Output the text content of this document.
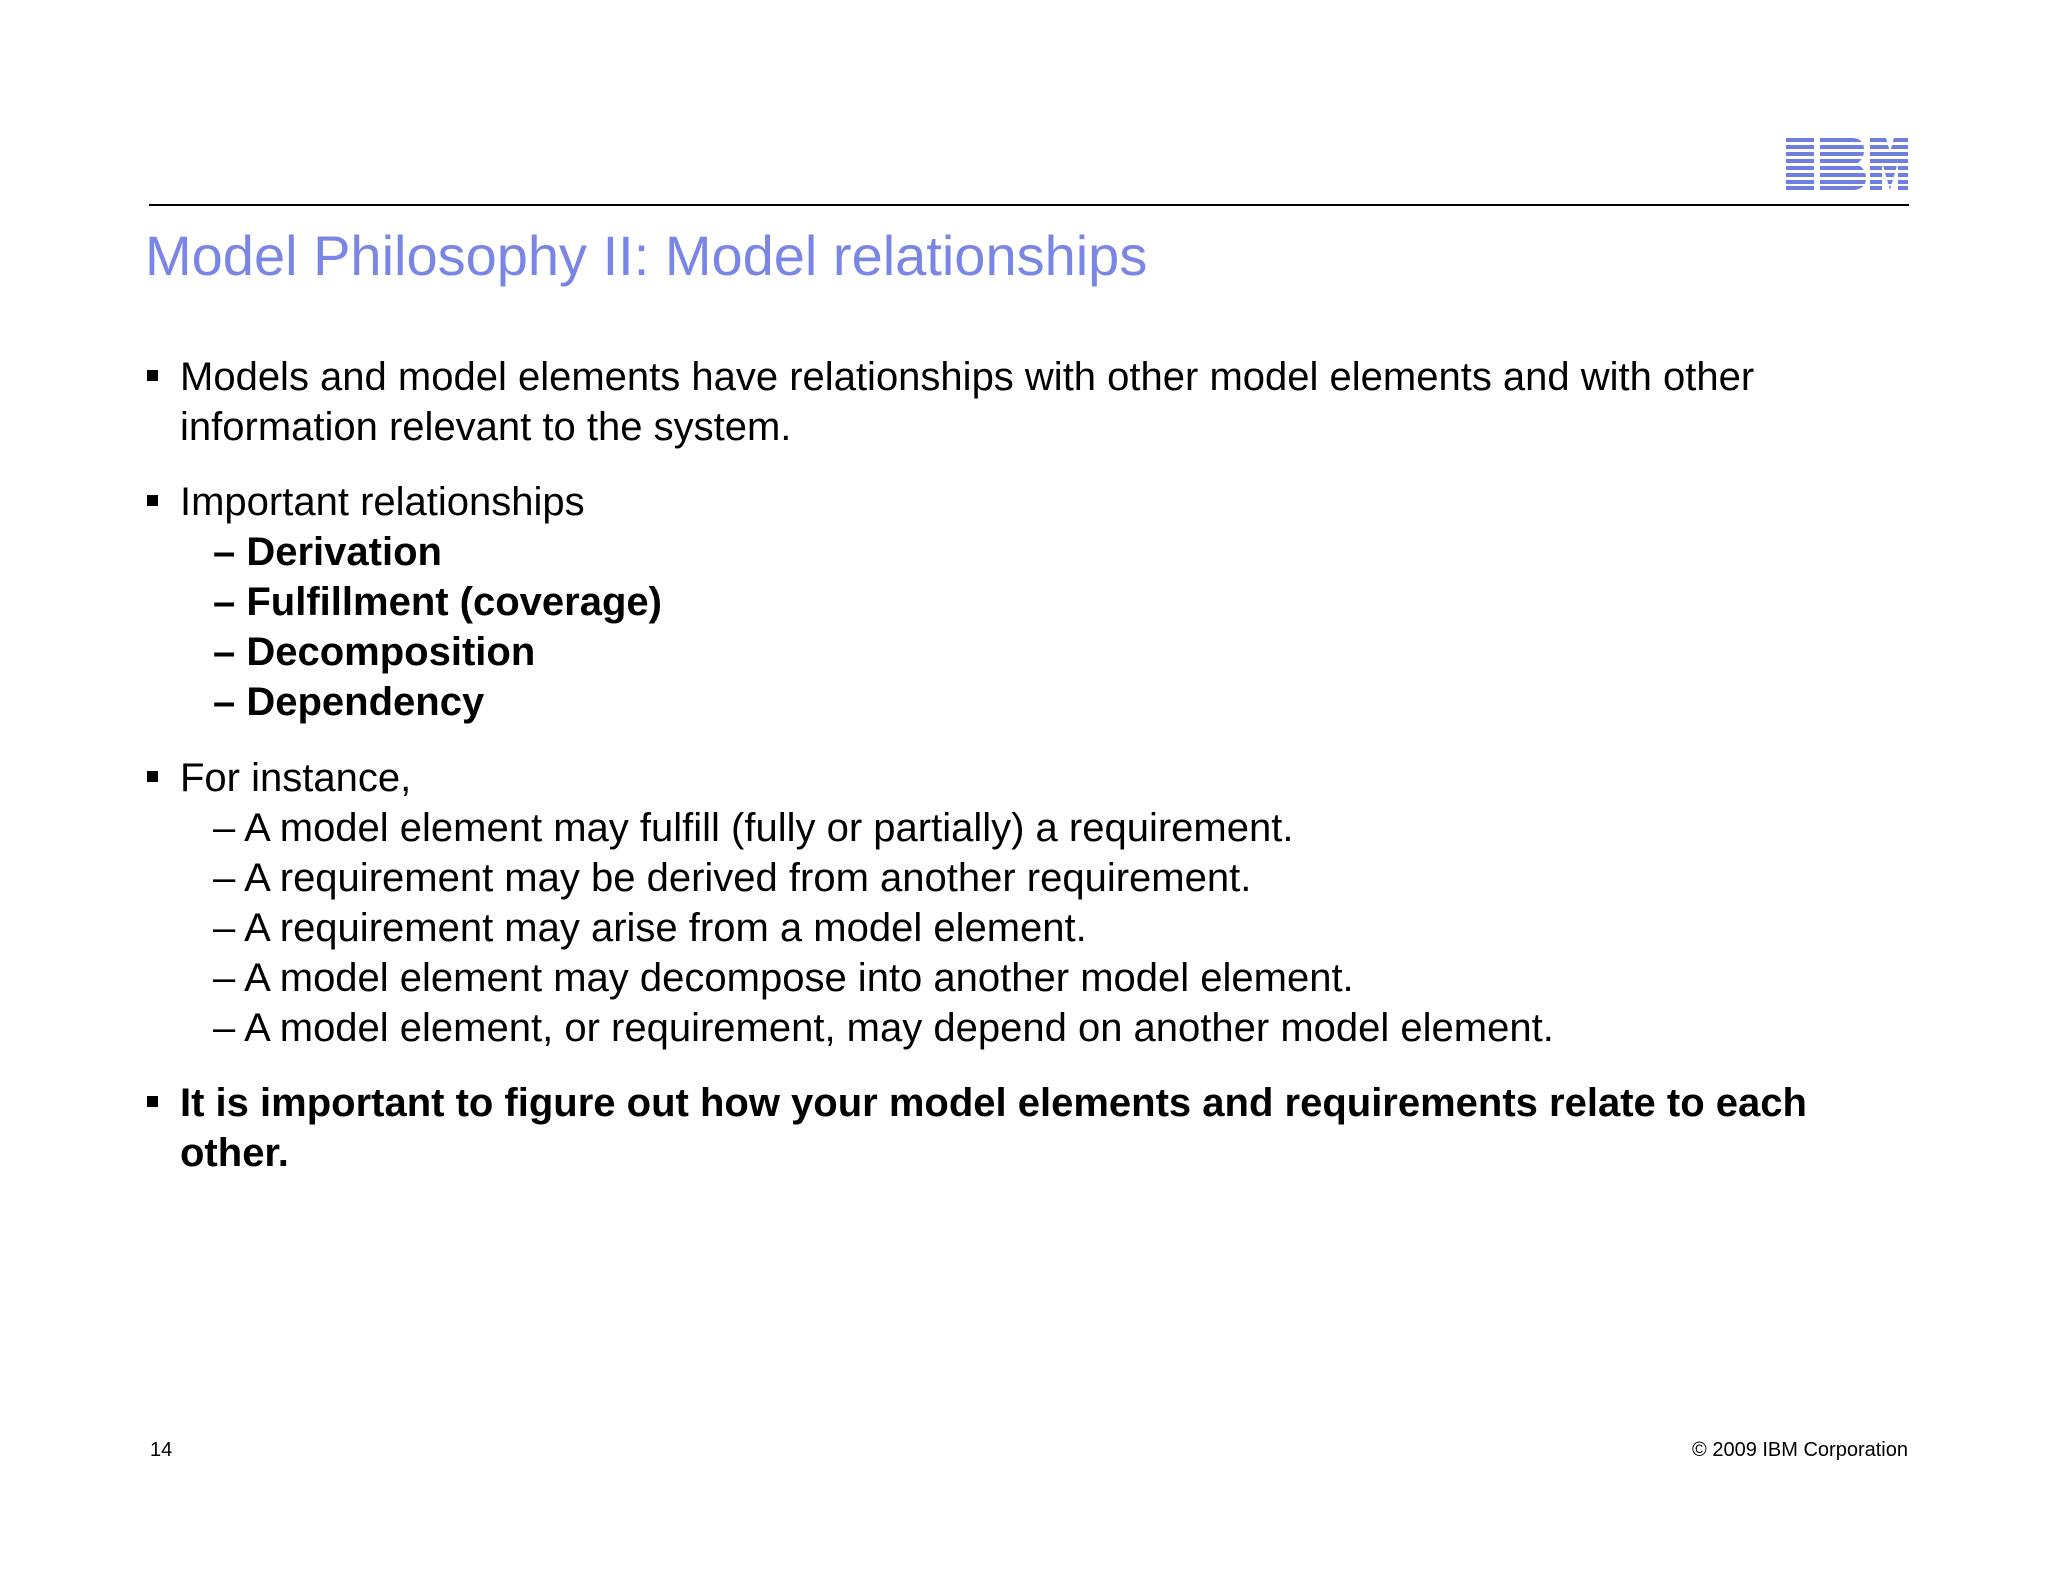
Model Philosophy II: Model relationships
Models and model elements have relationships with other model elements and with other information relevant to the system.
Important relationships
– Derivation
– Fulfillment (coverage)
– Decomposition
– Dependency
For instance,
– A model element may fulfill (fully or partially) a requirement.
– A requirement may be derived from another requirement.
– A requirement may arise from a model element.
– A model element may decompose into another model element.
– A model element, or requirement, may depend on another model element.
It is important to figure out how your model elements and requirements relate to each other.
14	© 2009 IBM Corporation
